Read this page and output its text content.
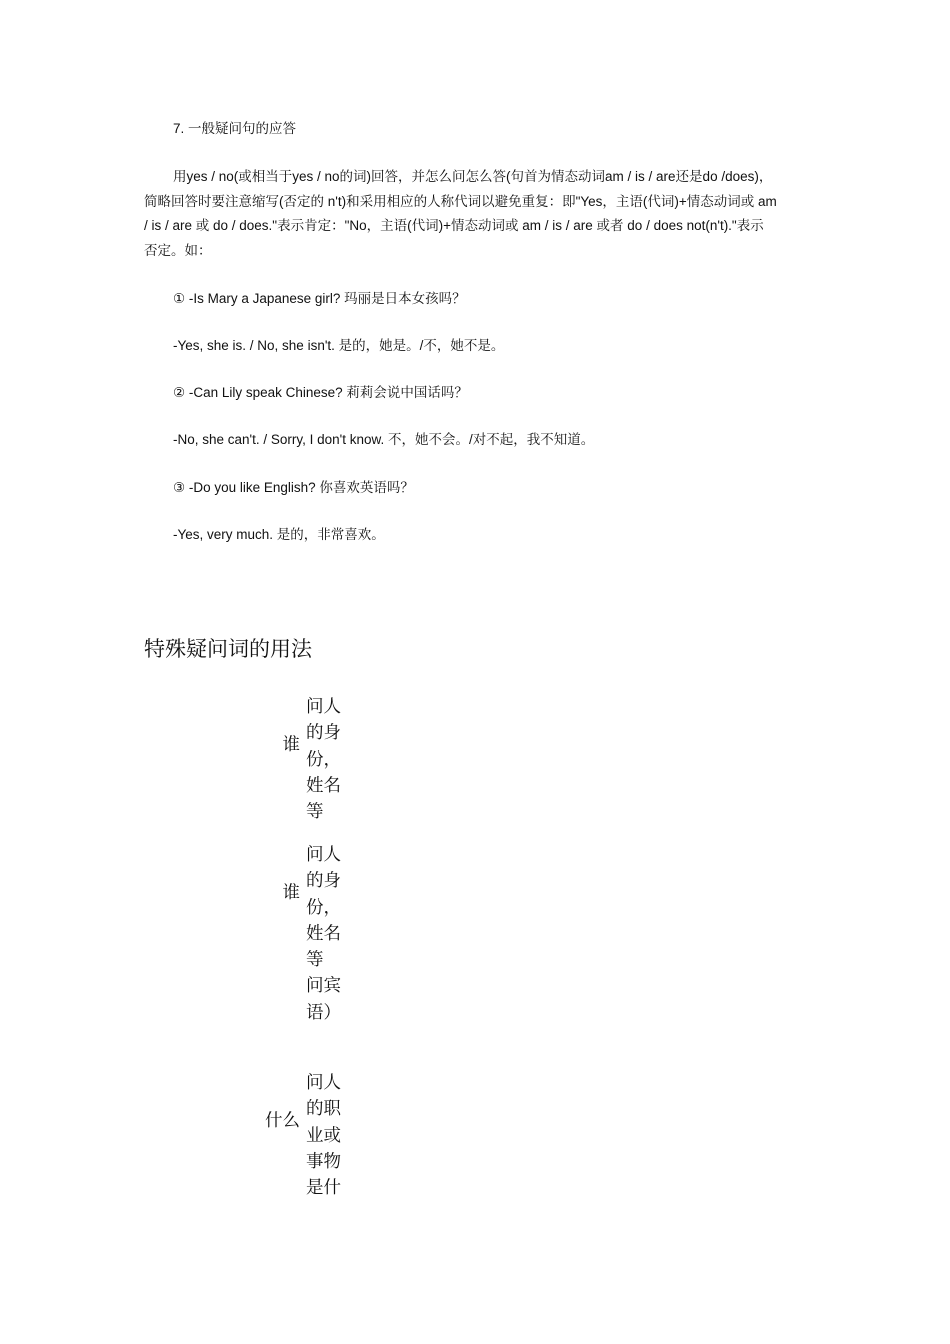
7. 一般疑问句的应答
用yes / no(或相当于yes / no的词)回答，并怎么问怎么答(句首为情态动词am / is / are还是do /does)，
简略回答时要注意缩写(否定的 n't)和采用相应的人称代词以避免重复：即"Yes，主语(代词)+情态动词或 am
/ is / are 或 do / does."表示肯定："No，主语(代词)+情态动词或 am / is / are 或者 do / does not(n't)."表示
否定。如：
① -Is Mary a Japanese girl? 玛丽是日本女孩吗？
-Yes, she is. / No, she isn't. 是的，她是。/不，她不是。
② -Can Lily speak Chinese? 莉莉会说中国话吗？
-No, she can't. / Sorry, I don't know. 不，她不会。/对不起，我不知道。
③ -Do you like English? 你喜欢英语吗？
-Yes, very much. 是的，非常喜欢。
特殊疑问词的用法
谁
问人的身份，姓名等
谁
问人的身份，姓名等 问宾语）
什么
问人的职业或事物是什
